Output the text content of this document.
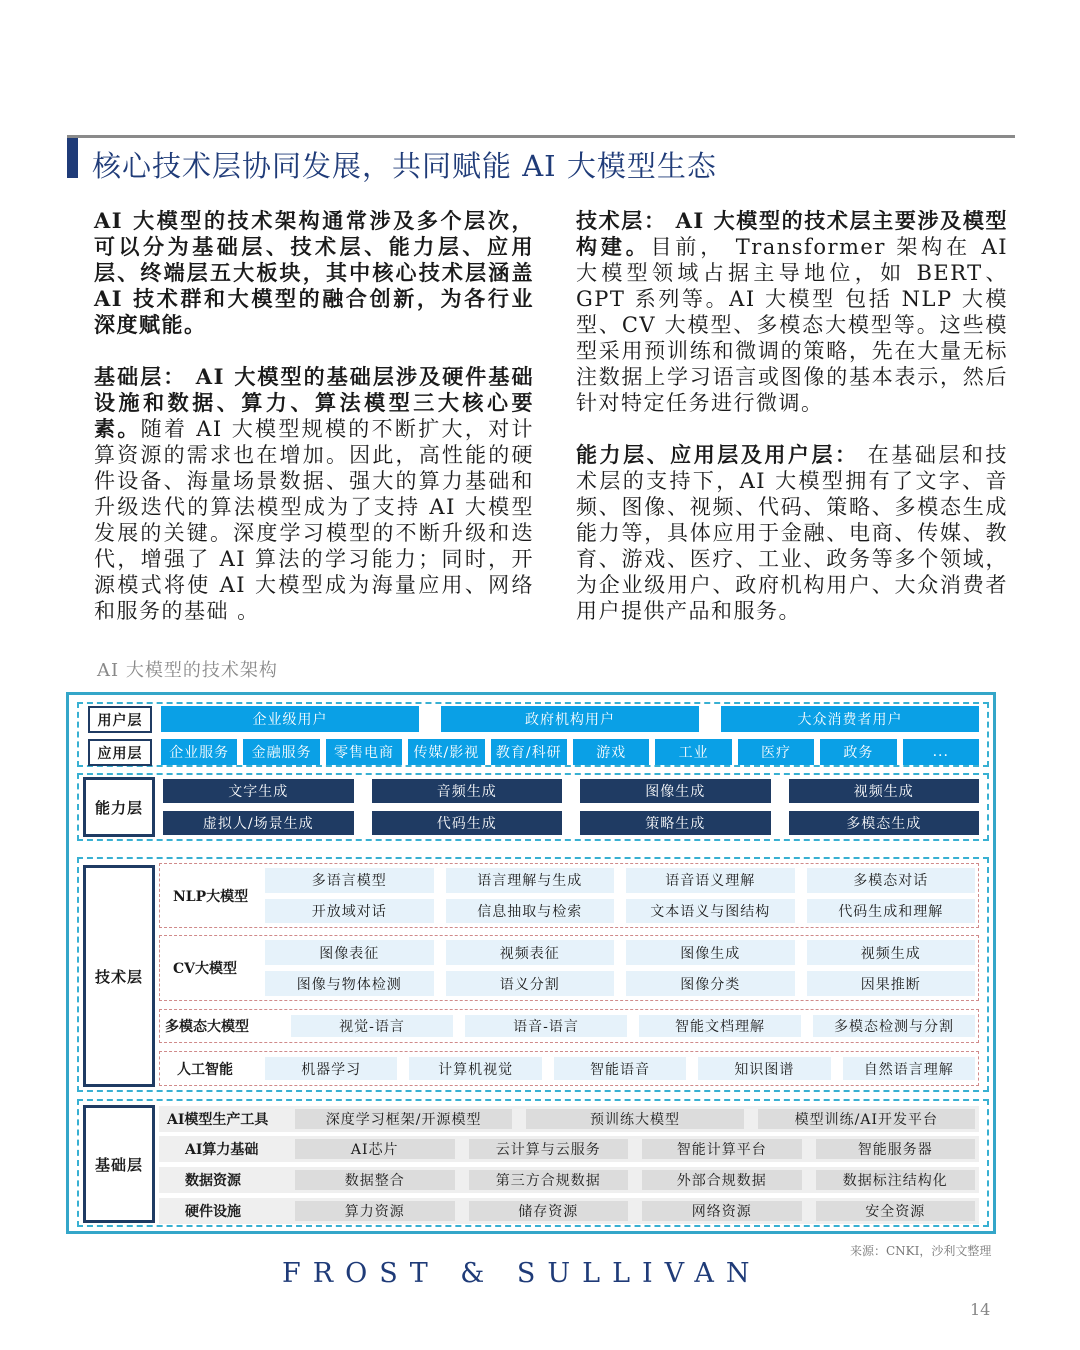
核心技术层协同发展，共同赋能 AI 大模型生态

AI 大模型的技术架构通常涉及多个层次，可以分为基础层、技术层、能力层、应用层、终端层五大板块，其中核心技术层涵盖 AI 技术群和大模型的融合创新，为各行业深度赋能。

基础层： AI 大模型的基础层涉及硬件基础设施和数据、算力、算法模型三大核心要素。随着 AI 大模型规模的不断扩大，对计算资源的需求也在增加。因此，高性能的硬件设备、海量场景数据、强大的算力基础和升级迭代的算法模型成为了支持 AI 大模型发展的关键。深度学习模型的不断升级和迭代，增强了 AI 算法的学习能力；同时，开源模式将使 AI 大模型成为海量应用、网络和服务的基础 。

技术层： AI 大模型的技术层主要涉及模型构建。目前， Transformer 架构在 AI 大模型领域占据主导地位，如 BERT、GPT 系列等。AI 大模型 包括 NLP 大模型、CV 大模型、多模态大模型等。这些模型采用预训练和微调的策略，先在大量无标注数据上学习语言或图像的基本表示，然后针对特定任务进行微调。

能力层、应用层及用户层： 在基础层和技术层的支持下，AI 大模型拥有了文字、音频、图像、视频、代码、策略、多模态生成能力等，具体应用于金融、电商、传媒、教育、游戏、医疗、工业、政务等多个领域，为企业级用户、政府机构用户、大众消费者用户提供产品和服务。

AI 大模型的技术架构
用户层
应用层
能力层
技术层
基础层
企业级用户	政府机构用户	大众消费者用户
企业服务	金融服务	零售电商	传媒/影视	教育/科研	游戏	工业	医疗	政务	...
文字生成	音频生成	图像生成	视频生成
虚拟人/场景生成	代码生成	策略生成	多模态生成
NLP大模型
多语言模型	语言理解与生成	语音语义理解	多模态对话
开放域对话	信息抽取与检索	文本语义与图结构	代码生成和理解
CV大模型
图像表征	视频表征	图像生成	视频生成
图像与物体检测	语义分割	图像分类	因果推断
多模态大模型	视觉-语言	语音-语言	智能文档理解	多模态检测与分割
人工智能	机器学习	计算机视觉	智能语音	知识图谱	自然语言理解
AI模型生产工具	深度学习框架/开源模型	预训练大模型	模型训练/AI开发平台
AI算力基础	AI芯片	云计算与云服务	智能计算平台	智能服务器
数据资源	数据整合	第三方合规数据	外部合规数据	数据标注结构化
硬件设施	算力资源	储存资源	网络资源	安全资源
来源：CNKI，沙利文整理
FROST & SULLIVAN
14
